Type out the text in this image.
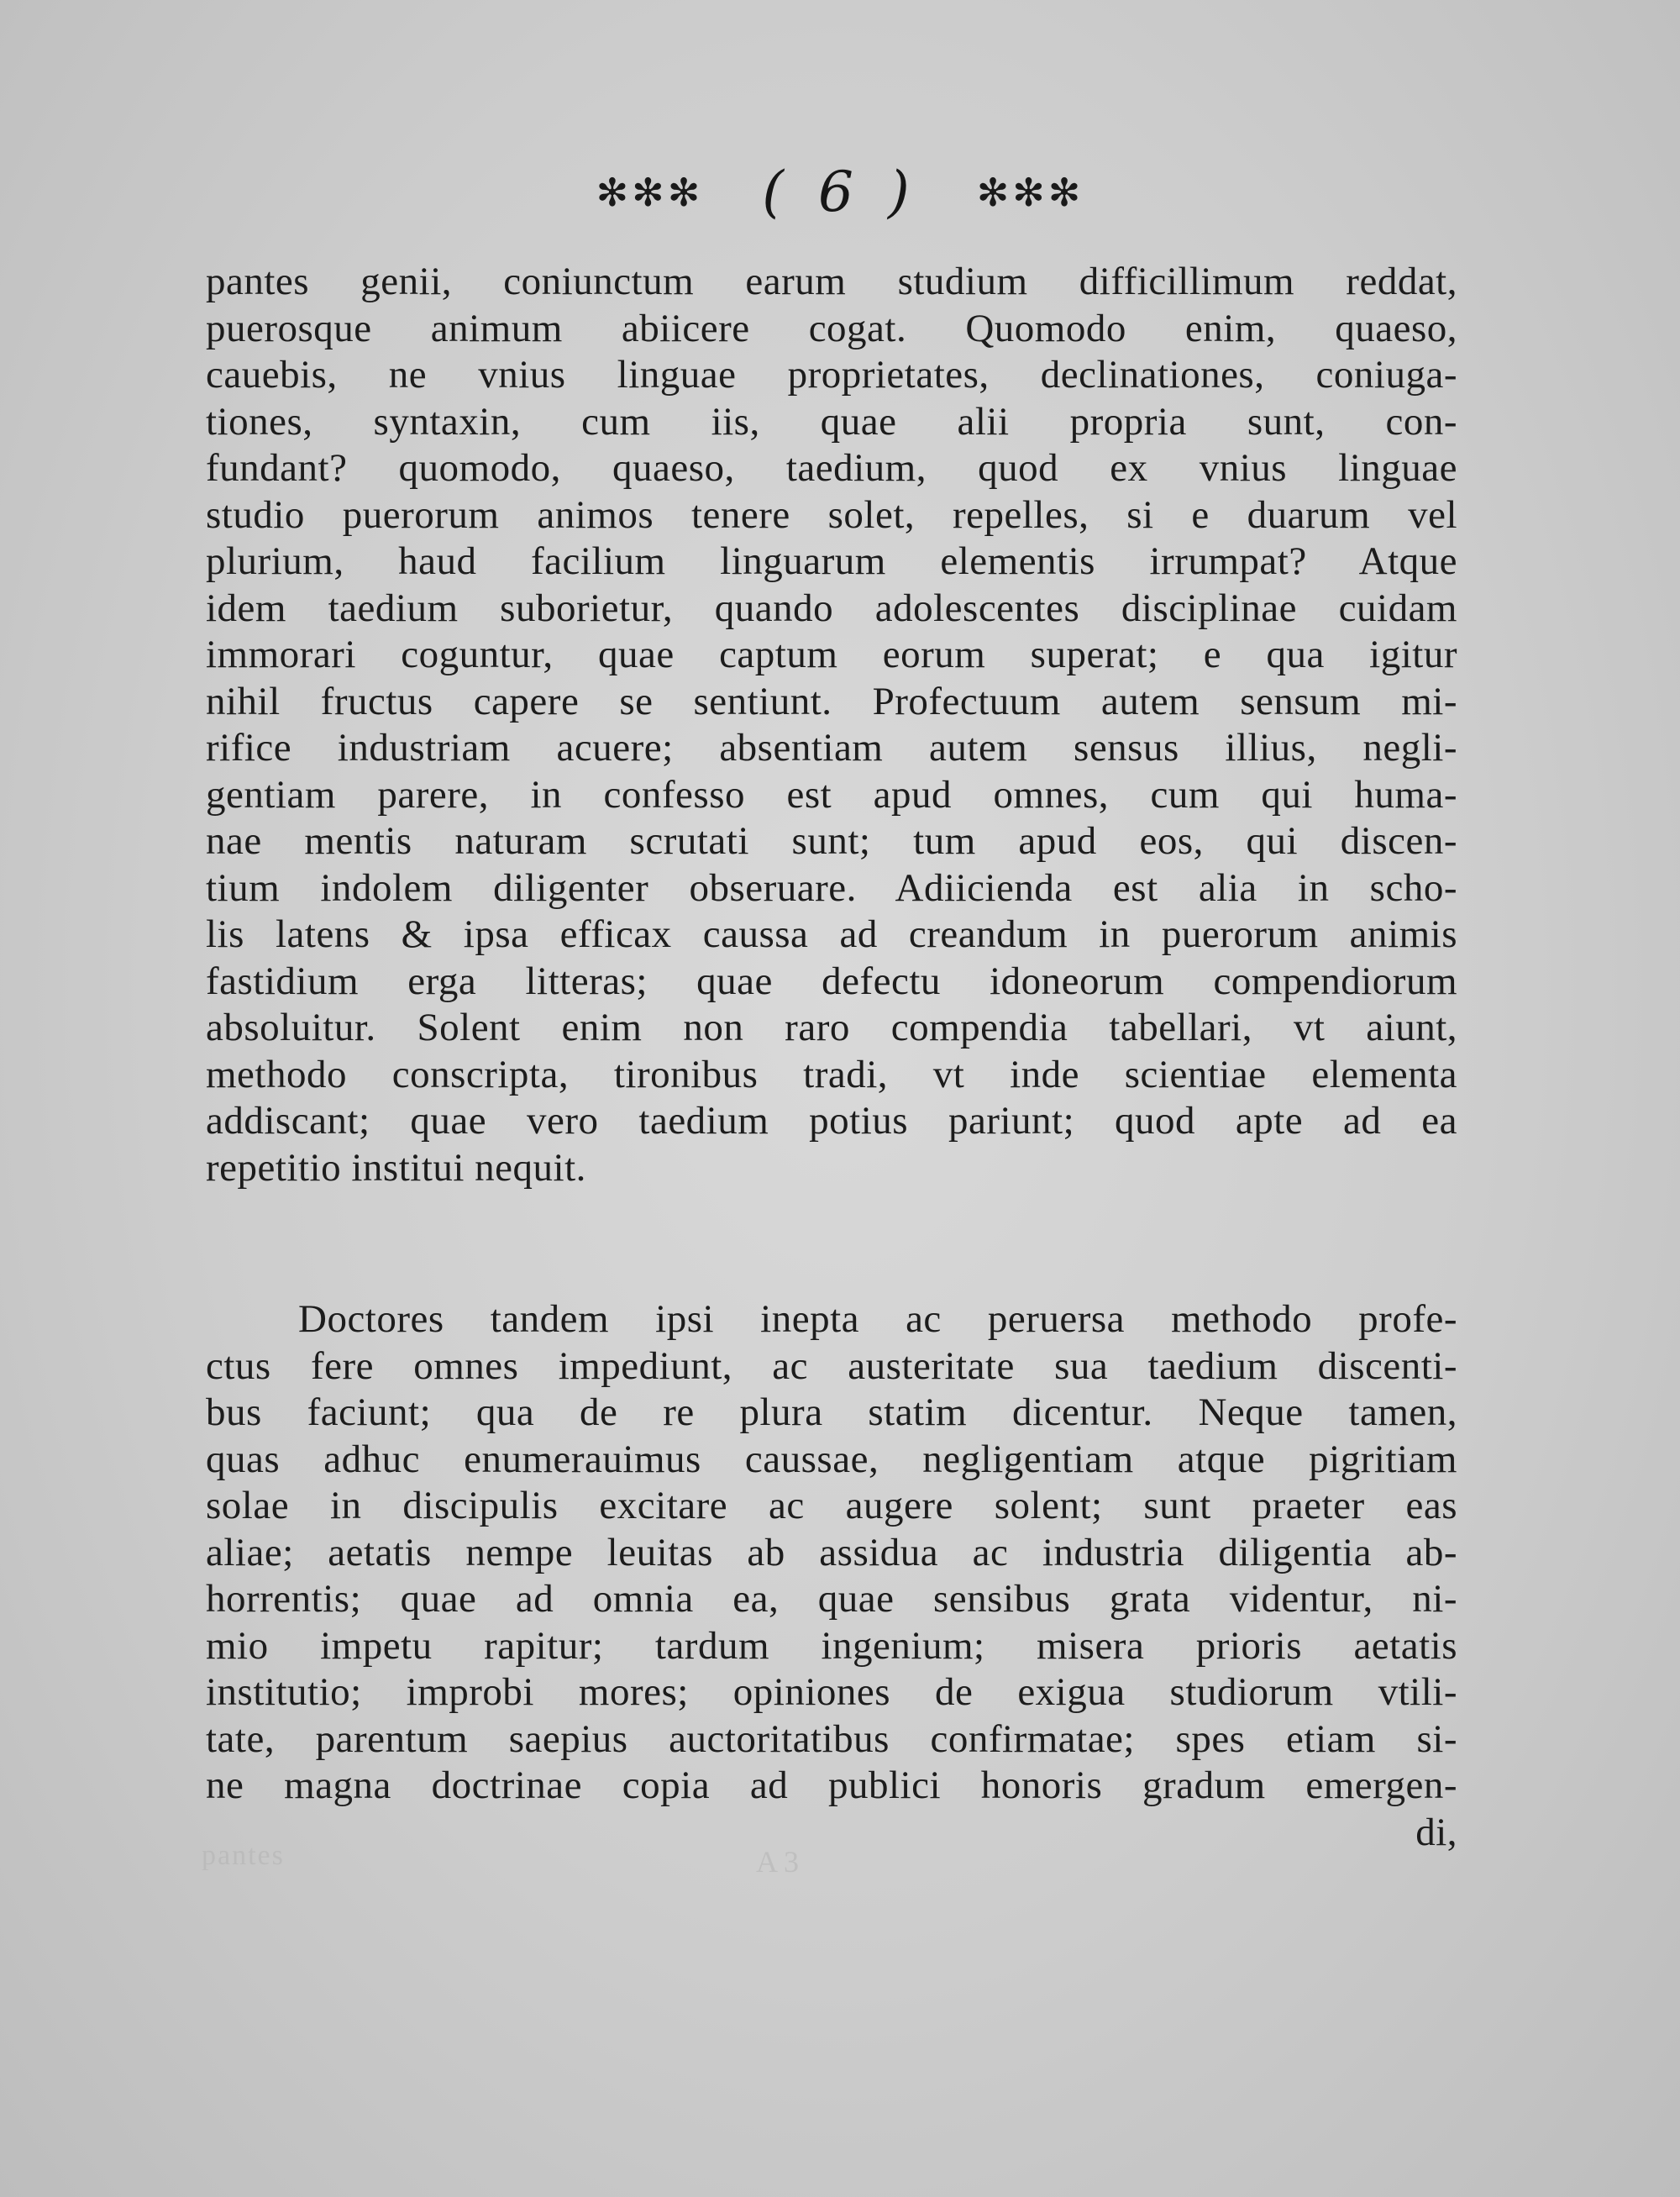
✻✻✻ ( 6 ) ✻✻✻
pantes genii, coniunctum earum studium difficillimum reddat,
puerosque animum abiicere cogat. Quomodo enim, quaeso,
cauebis, ne vnius linguae proprietates, declinationes, coniuga-
tiones, syntaxin, cum iis, quae alii propria sunt, con-
fundant? quomodo, quaeso, taedium, quod ex vnius linguae
studio puerorum animos tenere solet, repelles, si e duarum vel
plurium, haud facilium linguarum elementis irrumpat? Atque
idem taedium suborietur, quando adolescentes disciplinae cuidam
immorari coguntur, quae captum eorum superat; e qua igitur
nihil fructus capere se sentiunt. Profectuum autem sensum mi-
rifice industriam acuere; absentiam autem sensus illius, negli-
gentiam parere, in confesso est apud omnes, cum qui huma-
nae mentis naturam scrutati sunt; tum apud eos, qui discen-
tium indolem diligenter obseruare. Adiicienda est alia in scho-
lis latens & ipsa efficax caussa ad creandum in puerorum animis
fastidium erga litteras; quae defectu idoneorum compendiorum
absoluitur. Solent enim non raro compendia tabellari, vt aiunt,
methodo conscripta, tironibus tradi, vt inde scientiae elementa
addiscant; quae vero taedium potius pariunt; quod apte ad ea
repetitio institui nequit.
Doctores tandem ipsi inepta ac peruersa methodo profe-
ctus fere omnes impediunt, ac austeritate sua taedium discenti-
bus faciunt; qua de re plura statim dicentur. Neque tamen,
quas adhuc enumerauimus caussae, negligentiam atque pigritiam
solae in discipulis excitare ac augere solent; sunt praeter eas
aliae; aetatis nempe leuitas ab assidua ac industria diligentia ab-
horrentis; quae ad omnia ea, quae sensibus grata videntur, ni-
mio impetu rapitur; tardum ingenium; misera prioris aetatis
institutio; improbi mores; opiniones de exigua studiorum vtili-
tate, parentum saepius auctoritatibus confirmatae; spes etiam si-
ne magna doctrinae copia ad publici honoris gradum emergen-
di,
pantes	A 3
